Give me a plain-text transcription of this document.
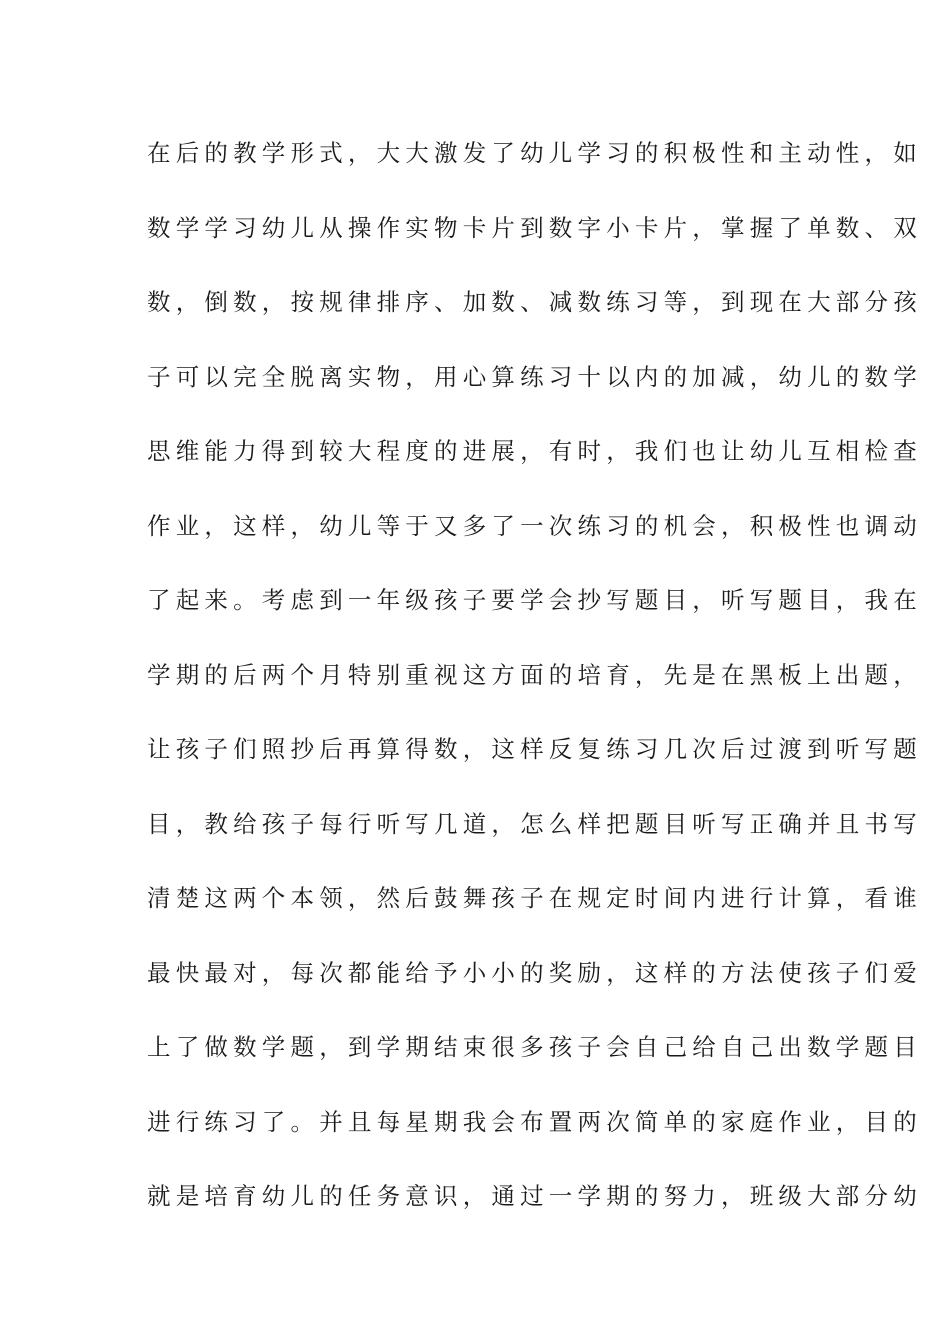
在后的教学形式，大大激发了幼儿学习的积极性和主动性，如
数学学习幼儿从操作实物卡片到数字小卡片，掌握了单数、双
数，倒数，按规律排序、加数、减数练习等，到现在大部分孩
子可以完全脱离实物，用心算练习十以内的加减，幼儿的数学
思维能力得到较大程度的进展，有时，我们也让幼儿互相检查
作业，这样，幼儿等于又多了一次练习的机会，积极性也调动
了起来。考虑到一年级孩子要学会抄写题目，听写题目，我在
学期的后两个月特别重视这方面的培育，先是在黑板上出题，
让孩子们照抄后再算得数，这样反复练习几次后过渡到听写题
目，教给孩子每行听写几道，怎么样把题目听写正确并且书写
清楚这两个本领，然后鼓舞孩子在规定时间内进行计算，看谁
最快最对，每次都能给予小小的奖励，这样的方法使孩子们爱
上了做数学题，到学期结束很多孩子会自己给自己出数学题目
进行练习了。并且每星期我会布置两次简单的家庭作业，目的
就是培育幼儿的任务意识，通过一学期的努力，班级大部分幼
